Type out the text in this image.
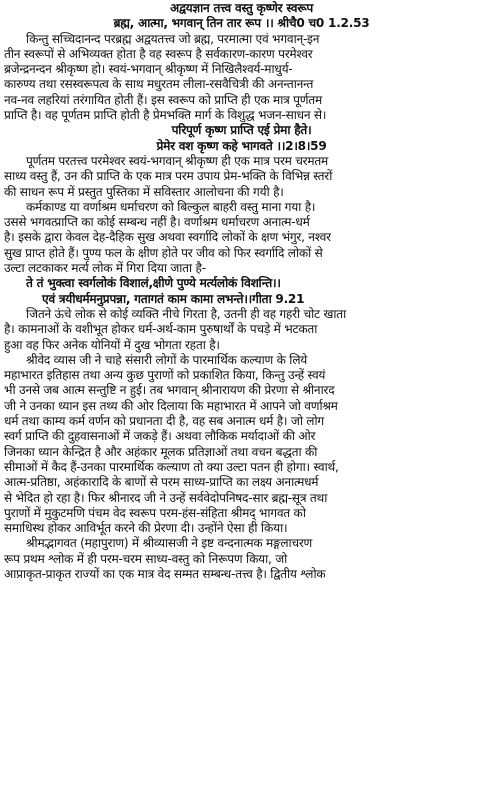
अद्वयज्ञान तत्त्व वस्तु कृष्णेर स्वरूप
ब्रह्म, आत्मा, भगवान् तिन तार रूप ।। श्रीचै0 च0 1.2.53
किन्तु सच्चिदानन्द परब्रह्म अद्वयतत्त्व जो ब्रह्म, परमात्मा एवं भगवान्-इन
तीन स्वरूपों से अभिव्यक्त होता है वह स्वरूप है सर्वकारण-कारण परमेश्वर
ब्रजेन्द्रनन्दन श्रीकृष्ण हो। स्वयं-भगवान् श्रीकृष्ण में निखिलैश्वर्य-माधुर्य-
कारुण्य तथा रसस्वरूपत्व के साथ मधुरतम लीला-रसवैचित्री की अनन्तानन्त
नव-नव लहरियां तरंगायित होती हैं। इस स्वरूप को प्राप्ति ही एक मात्र पूर्णतम
प्राप्ति है। वह पूर्णतम प्राप्ति होती है प्रेमभक्ति मार्ग के विशुद्ध भजन-साधन से।
परिपूर्ण कृष्ण प्राप्ति एई प्रेमा हैते।
प्रेमेर वश कृष्ण कहे भागवते ।।2।8।59
पूर्णतम परतत्त्व परमेश्वर स्वयं-भगवान् श्रीकृष्ण ही एक मात्र परम चरमतम
साध्य वस्तु हैं, उन की प्राप्ति के एक मात्र परम उपाय प्रेम-भक्ति के विभिन्न स्तरों
की साधन रूप में प्रस्तुत पुस्तिका में सविस्तार आलोचना की गयी है।
कर्मकाण्ड या वर्णाश्रम धर्माचरण को बिल्कुल बाहरी वस्तु माना गया है।
उससे भगवत्प्राप्ति का कोई सम्बन्ध नहीं है। वर्णाश्रम धर्माचरण अनात्म-धर्म
है। इसके द्वारा केवल देह-दैहिक सुख अथवा स्वर्गादि लोकों के क्षण भंगुर, नश्वर
सुख प्राप्त होते हैं। पुण्य फल के क्षीण होते पर जीव को फिर स्वर्गादि लोकों से
उल्टा लटकाकर मर्त्य लोक में गिरा दिया जाता है-
ते तं भुक्त्वा स्वर्गलोकं विशालं,क्षीणे पुण्ये मर्त्यलोकं विशन्ति।।
एवं त्रयीधर्ममनुप्रपन्ना, गतागतं काम कामा लभन्ते।।गीता 9.21
जितने ऊंचे लोक से कोई व्यक्ति नीचे गिरता है, उतनी ही वह गहरी चोट खाता
है। कामनाओं के वशीभूत होकर धर्म-अर्थ-काम पुरुषार्थों के पचड़े में भटकता
हुआ वह फिर अनेक योनियों में दुख भोगता रहता है।
श्रीवेद व्यास जी ने चाहे संसारी लोगों के पारमार्थिक कल्याण के लिये
महाभारत इतिहास तथा अन्य कुछ पुराणों को प्रकाशित किया, किन्तु उन्हें स्वयं
भी उनसे जब आत्म सन्तुष्टि न हुई। तब भगवान् श्रीनारायण की प्रेरणा से श्रीनारद
जी ने उनका ध्यान इस तथ्य की ओर दिलाया कि महाभारत में आपने जो वर्णाश्रम
धर्म तथा काम्य कर्म वर्णन को प्रधानता दी है, वह सब अनात्म धर्म है। जो लोग
स्वर्ग प्राप्ति की दुहवासनाओं में जकड़े हैं। अथवा लौकिक मर्यादाओं की ओर
जिनका ध्यान केन्द्रित है और अहंकार मूलक प्रतिज्ञाओं तथा वचन बद्धता की
सीमाओं में कैद हैं-उनका पारमार्थिक कल्याण तो क्या उल्टा पतन ही होगा। स्वार्थ,
आत्म-प्रतिष्ठा, अहंकारादि के बाणों से परम साध्य-प्राप्ति का लक्ष्य अनात्मधर्म
से भेदित हो रहा है। फिर श्रीनारद जी ने उन्हें सर्ववेदोपनिषद-सार ब्रह्म-सूत्र तथा
पुराणों में मुकुटमणि पंचम वेद स्वरूप परम-हंस-संहिता श्रीमद् भागवत को
समाधिस्थ होकर आविर्भूत करने की प्रेरणा दी। उन्होंने ऐसा ही किया।
श्रीमद्भागवत (महापुराण) में श्रीव्यासजी ने इष्ट वन्दनात्मक मङ्गलाचरण
रूप प्रथम श्लोक में ही परम-चरम साध्य-वस्तु को निरूपण किया, जो
आप्राकृत-प्राकृत राज्यों का एक मात्र वेद सम्मत सम्बन्ध-तत्त्व है। द्वितीय श्लोक
